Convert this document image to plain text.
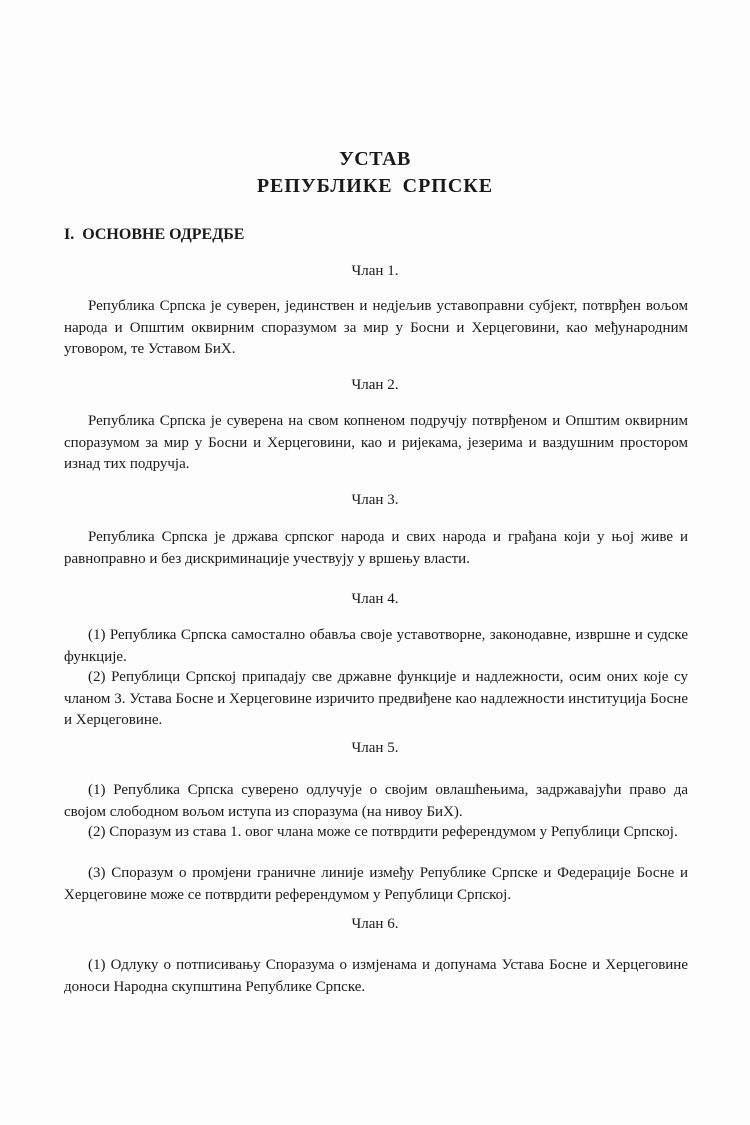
УСТАВ
РЕПУБЛИКЕ СРПСКЕ
I. ОСНОВНЕ ОДРЕДБЕ

Члан 1.

Република Српска је суверен, јединствен и недјељив уставоправни субјект, потврђен вољом народа и Општим оквирним споразумом за мир у Босни и Херцеговини, као међународним уговором, те Уставом БиХ.

Члан 2.

Република Српска је суверена на свом копненом подручју потврђеном и Општим оквирним споразумом за мир у Босни и Херцеговини, као и ријекама, језерима и ваздушним простором изнад тих подручја.

Члан 3.

Република Српска је држава српског народа и свих народа и грађана који у њој живе и равноправно и без дискриминације учествују у вршењу власти.

Члан 4.

(1) Република Српска самостално обавља своје уставотворне, законодавне, извршне и судске функције.

(2) Републици Српској припадају све државне функције и надлежности, осим оних које су чланом 3. Устава Босне и Херцеговине изричито предвиђене као надлежности институција Босне и Херцеговине.

Члан 5.

(1) Република Српска суверено одлучује о својим овлашћењима, задржавајући право да својом слободном вољом иступа из споразума (на нивоу БиХ).

(2) Споразум из става 1. овог члана може се потврдити референдумом у Републици Српској.

(3) Споразум о промјени граничне линије између Републике Српске и Федерације Босне и Херцеговине може се потврдити референдумом у Републици Српској.

Члан 6.

(1) Одлуку о потписивању Споразума о измјенама и допунама Устава Босне и Херцеговине доноси Народна скупштина Републике Српске.
